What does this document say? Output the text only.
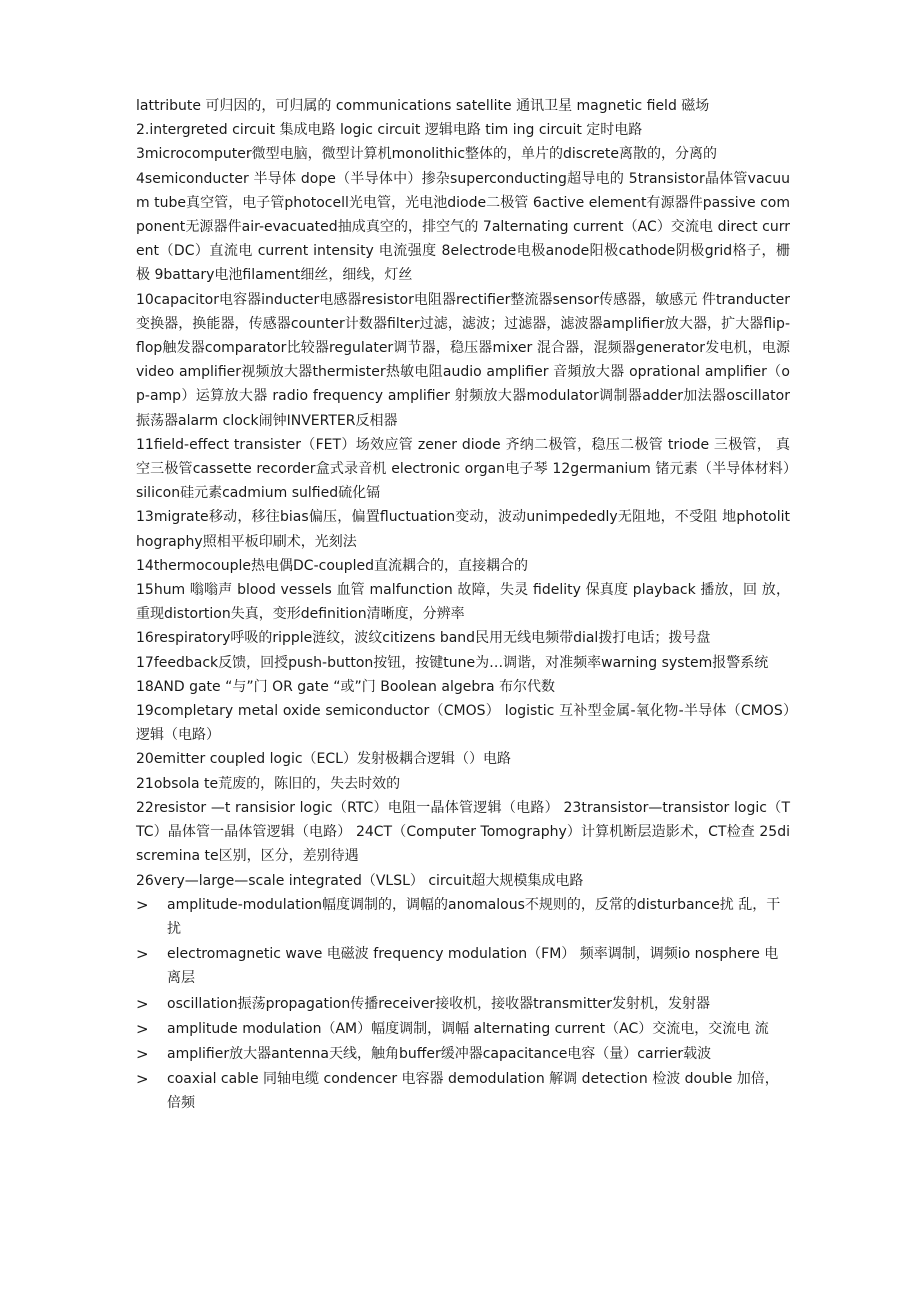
lattribute 可归因的，可归属的 communications satellite 通讯卫星 magnetic field 磁场

2.intergreted circuit 集成电路 logic circuit 逻辑电路 tim ing circuit 定时电路

3microcomputer微型电脑，微型计算机monolithic整体的，单片的discrete离散的，分离的

4semiconducter 半导体 dope（半导体中）掺杂superconducting超导电的 5transistor晶体管vacuum tube真空管，电子管photocell光电管，光电池diode二极管 6active element有源器件passive component无源器件air-evacuated抽成真空的，排空气的 7alternating current（AC）交流电 direct current（DC）直流电 current intensity 电流强度 8electrode电极anode阳极cathode阴极grid格子，栅极 9battary电池filament细丝，细线，灯丝

10capacitor电容器inducter电感器resistor电阻器rectifier整流器sensor传感器，敏感元 件tranducter变换器，换能器，传感器counter计数器filter过滤，滤波；过滤器，滤波器amplifier放大器，扩大器flip-flop触发器comparator比较器regulater调节器，稳压器mixer 混合器，混频器generator发电机，电源video amplifier视频放大器thermister热敏电阻audio amplifier 音頻放大器 oprational amplifier（op-amp）运算放大器 radio frequency amplifier 射频放大器modulator调制器adder加法器oscillator振荡器alarm clock闹钟INVERTER反相器

11field-effect transister（FET）场效应管 zener diode 齐纳二极管，稳压二极管 triode 三极管， 真空三极管cassette recorder盒式录音机 electronic organ电子琴 12germanium 锗元素（半导体材料）silicon硅元素cadmium sulfied硫化镉

13migrate移动，移往bias偏压，偏置fluctuation变动，波动unimpededly无阻地，不受阻 地photolithography照相平板印刷术，光刻法

14thermocouple热电偶DC-coupled直流耦合的，直接耦合的

15hum 嗡嗡声 blood vessels 血管 malfunction 故障，失灵 fidelity 保真度 playback 播放，回 放，重现distortion失真，变形definition清晰度，分辨率

16respiratory呼吸的ripple涟纹，波纹citizens band民用无线电频带dial拨打电话；拨号盘

17feedback反馈，回授push-button按钮，按键tune为…调谐，对准频率warning system报警系统

18AND gate “与”门 OR gate “或”门 Boolean algebra 布尔代数

19completary metal oxide semiconductor（CMOS） logistic 互补型金属-氧化物-半导体（CMOS）逻辑（电路）

20emitter coupled logic（ECL）发射极耦合逻辑（）电路

21obsola te荒废的，陈旧的，失去时效的

22resistor —t ransisior logic（RTC）电阻一晶体管逻辑（电路） 23transistor—transistor logic（TTC）晶体管一晶体管逻辑（电路） 24CT（Computer Tomography）计算机断层造影术，CT检查 25discremina te区别，区分，差别待遇

26very—large—scale integrated（VLSL） circuit超大规模集成电路

> amplitude-modulation幅度调制的，调幅的anomalous不规则的，反常的disturbance扰 乱，干扰
> electromagnetic wave 电磁波 frequency modulation（FM） 频率调制，调频io nosphere 电离层
> oscillation振荡propagation传播receiver接收机，接收器transmitter发射机，发射器
> amplitude modulation（AM）幅度调制，调幅 alternating current（AC）交流电，交流电 流
> amplifier放大器antenna天线，触角buffer缓冲器capacitance电容（量）carrier载波
> coaxial cable 同轴电缆 condencer 电容器 demodulation 解调 detection 检波 double 加倍， 倍频
